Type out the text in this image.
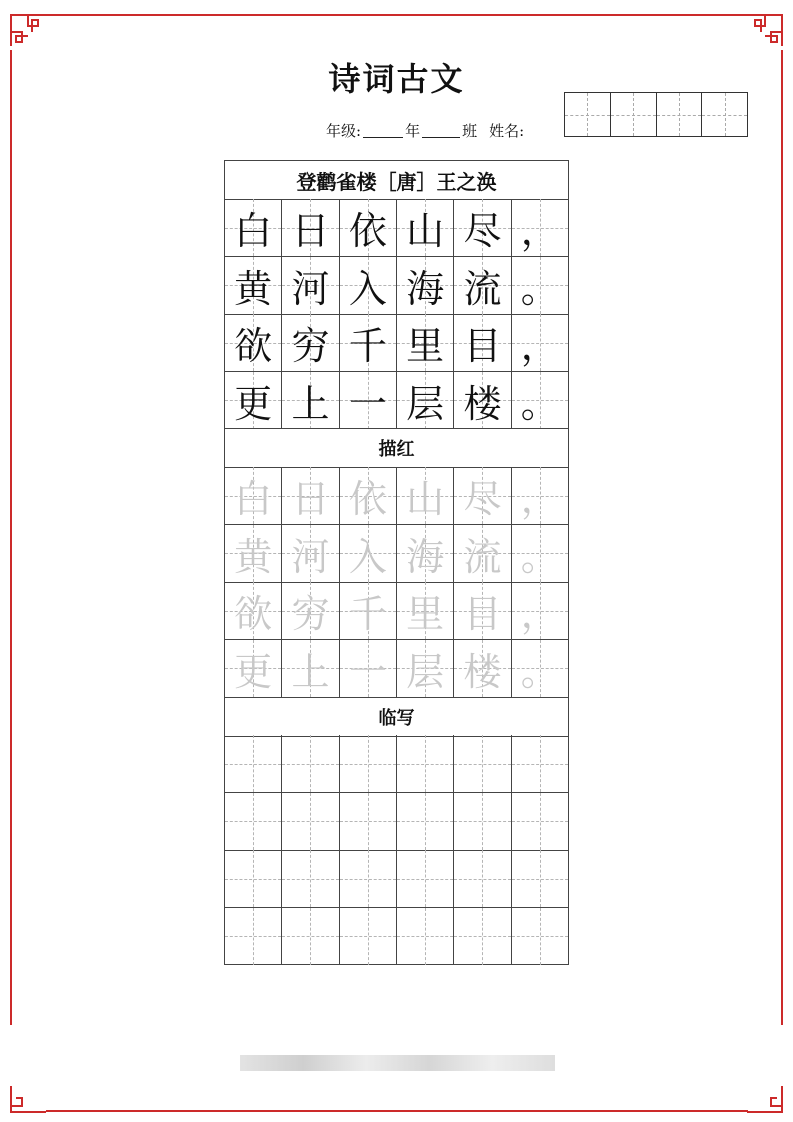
诗词古文
年级:	年	班 姓名:
登鹳雀楼［唐］王之涣
白 日 依 山 尽 ，
黄 河 入 海 流 。
欲 穷 千 里 目 ，
更 上 一 层 楼 。
描红
白 日 依 山 尽 ，
黄 河 入 海 流 。
欲 穷 千 里 目 ，
更 上 一 层 楼 。
临写
